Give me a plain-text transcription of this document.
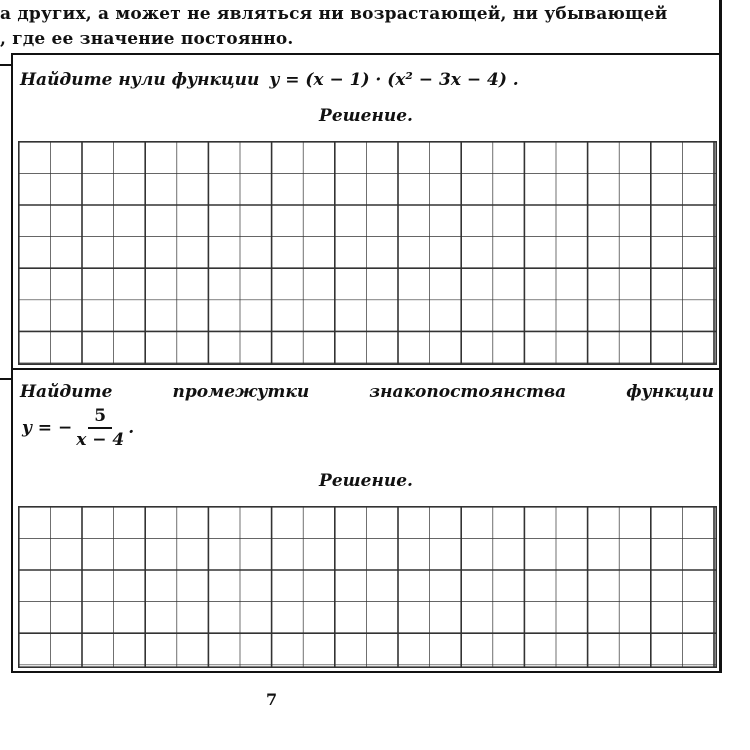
а других, а может не являться ни возрастающей, ни убывающей
, где ее значение постоянно.
Найдите нули функции y = (x − 1) · (x² − 3x − 4) .
Решение.
Найдите	промежутки	знакопостоянства	функции
y = − $\frac{5}{x - 4}$ .
Решение.
7
